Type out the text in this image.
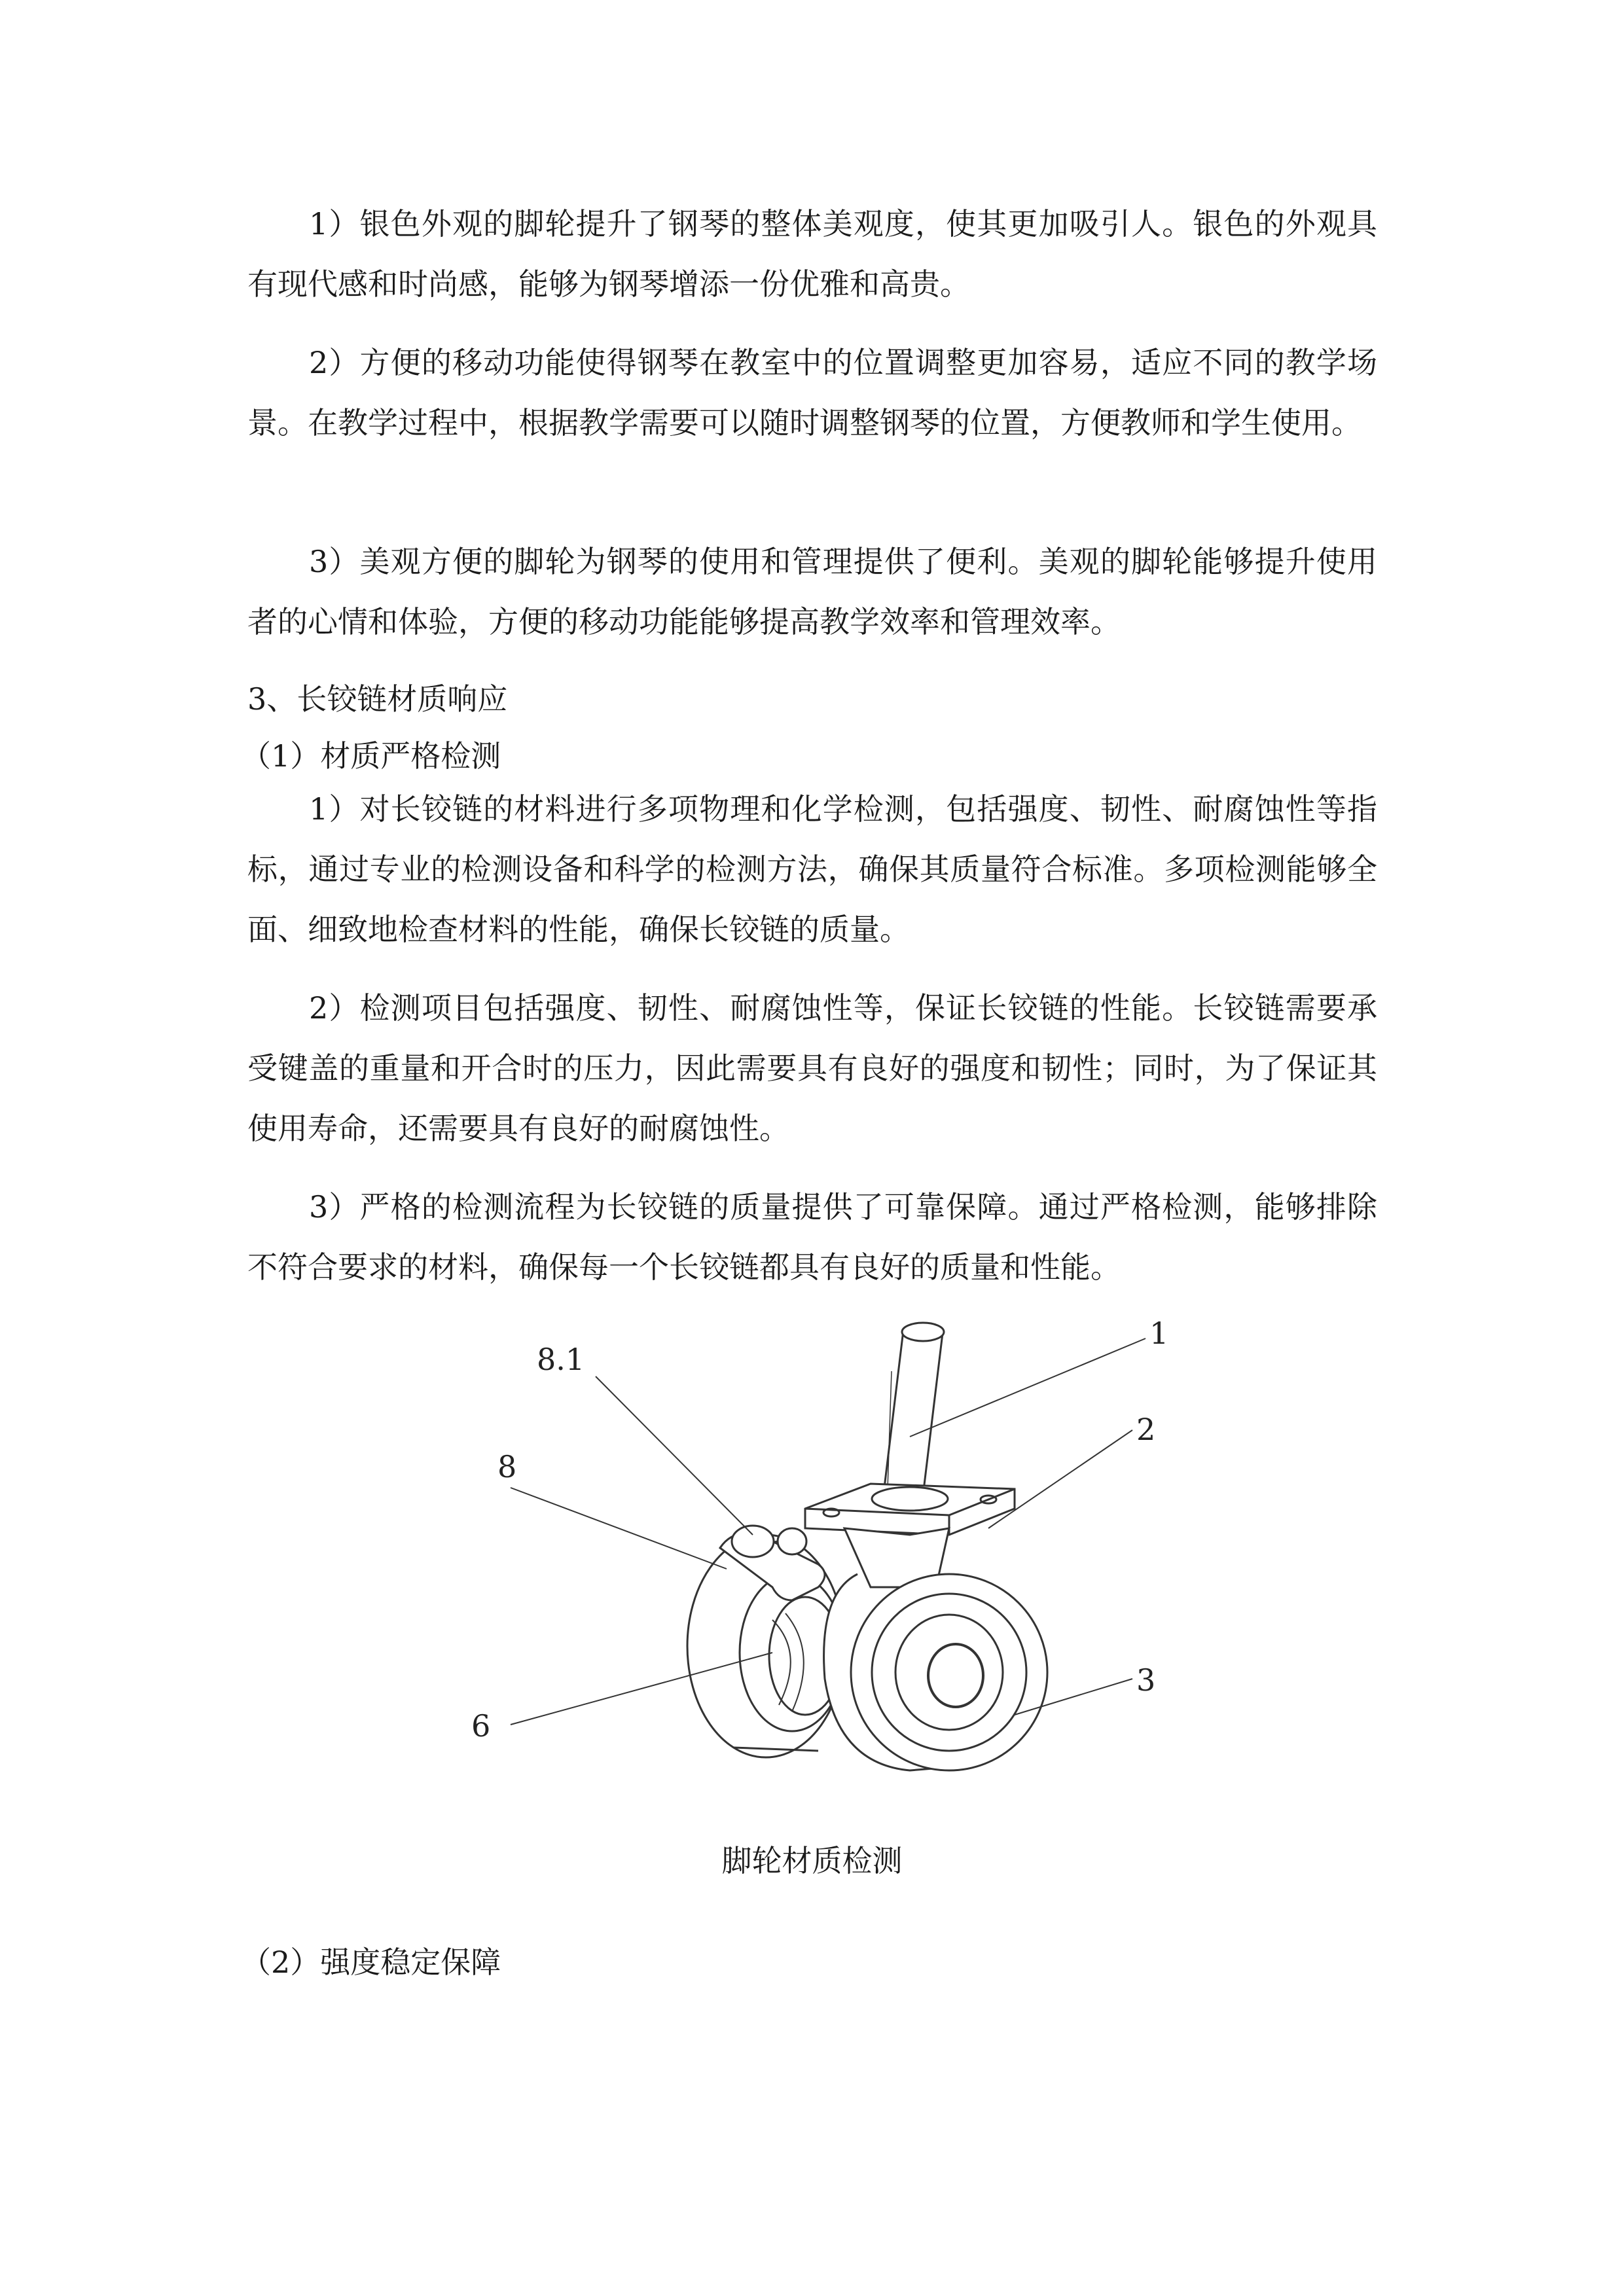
1）银色外观的脚轮提升了钢琴的整体美观度，使其更加吸引人。银色的外观具有现代感和时尚感，能够为钢琴增添一份优雅和高贵。

2）方便的移动功能使得钢琴在教室中的位置调整更加容易，适应不同的教学场景。在教学过程中，根据教学需要可以随时调整钢琴的位置，方便教师和学生使用。

3）美观方便的脚轮为钢琴的使用和管理提供了便利。美观的脚轮能够提升使用者的心情和体验，方便的移动功能能够提高教学效率和管理效率。

3、长铰链材质响应

（1）材质严格检测

1）对长铰链的材料进行多项物理和化学检测，包括强度、韧性、耐腐蚀性等指标，通过专业的检测设备和科学的检测方法，确保其质量符合标准。多项检测能够全面、细致地检查材料的性能，确保长铰链的质量。

2）检测项目包括强度、韧性、耐腐蚀性等，保证长铰链的性能。长铰链需要承受键盖的重量和开合时的压力，因此需要具有良好的强度和韧性；同时，为了保证其使用寿命，还需要具有良好的耐腐蚀性。

3）严格的检测流程为长铰链的质量提供了可靠保障。通过严格检测，能够排除不符合要求的材料，确保每一个长铰链都具有良好的质量和性能。

1
2
3
6
8
8.1

脚轮材质检测

（2）强度稳定保障
